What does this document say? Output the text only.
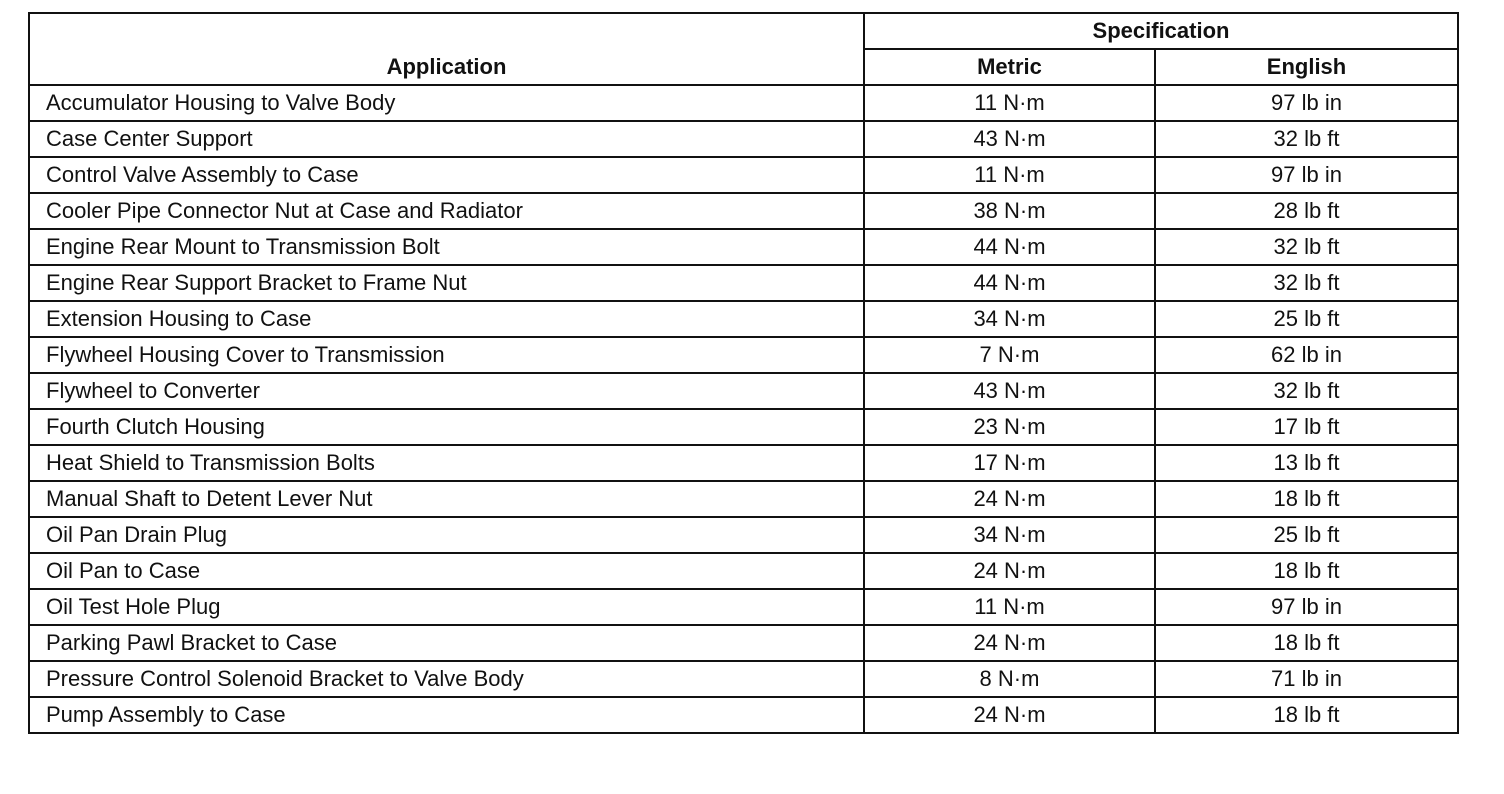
Application	Specification	
	Metric	English
Accumulator Housing to Valve Body	11 N·m	97 lb in
Case Center Support	43 N·m	32 lb ft
Control Valve Assembly to Case	11 N·m	97 lb in
Cooler Pipe Connector Nut at Case and Radiator	38 N·m	28 lb ft
Engine Rear Mount to Transmission Bolt	44 N·m	32 lb ft
Engine Rear Support Bracket to Frame Nut	44 N·m	32 lb ft
Extension Housing to Case	34 N·m	25 lb ft
Flywheel Housing Cover to Transmission	7 N·m	62 lb in
Flywheel to Converter	43 N·m	32 lb ft
Fourth Clutch Housing	23 N·m	17 lb ft
Heat Shield to Transmission Bolts	17 N·m	13 lb ft
Manual Shaft to Detent Lever Nut	24 N·m	18 lb ft
Oil Pan Drain Plug	34 N·m	25 lb ft
Oil Pan to Case	24 N·m	18 lb ft
Oil Test Hole Plug	11 N·m	97 lb in
Parking Pawl Bracket to Case	24 N·m	18 lb ft
Pressure Control Solenoid Bracket to Valve Body	8 N·m	71 lb in
Pump Assembly to Case	24 N·m	18 lb ft
